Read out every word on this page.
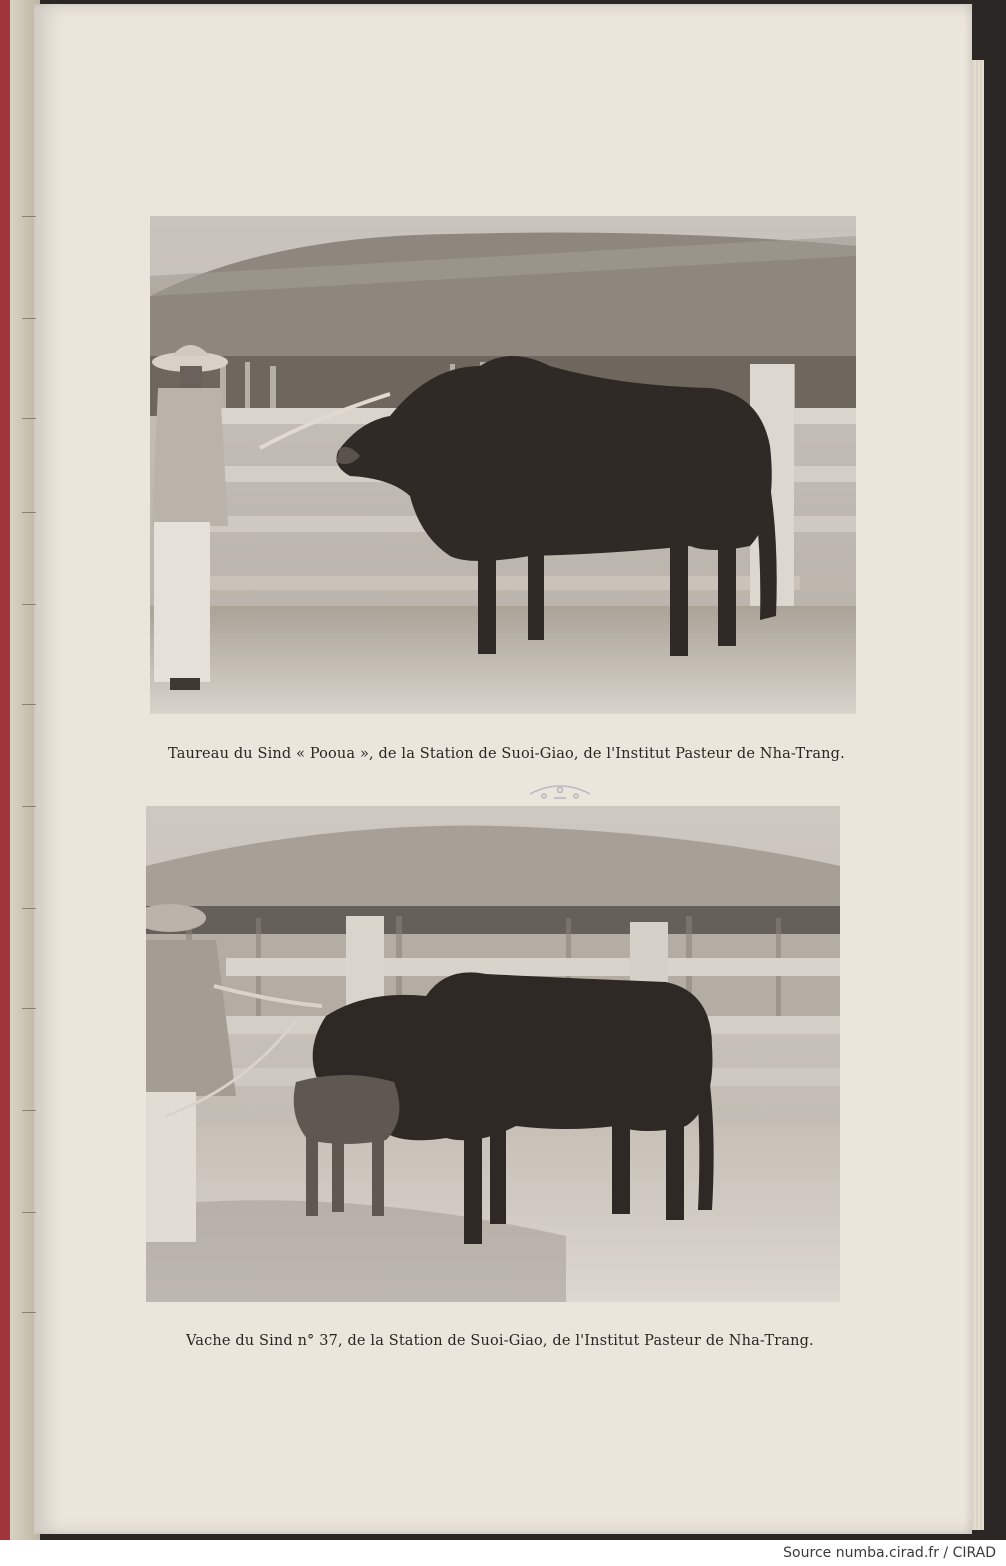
Taureau du Sind « Pooua », de la Station de Suoi-Giao, de l'Institut Pasteur de Nha-Trang.
Vache du Sind n° 37, de la Station de Suoi-Giao, de l'Institut Pasteur de Nha-Trang.
Source numba.cirad.fr / CIRAD
